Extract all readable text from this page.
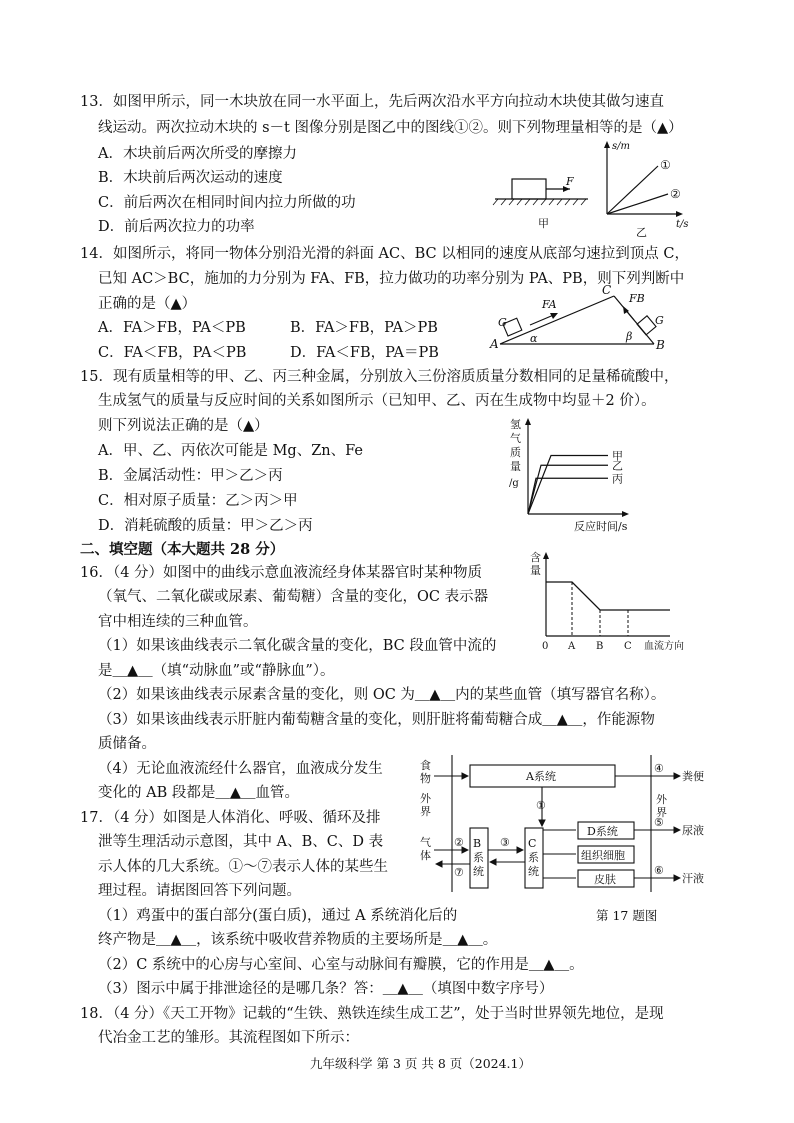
13．如图甲所示，同一木块放在同一水平面上，先后两次沿水平方向拉动木块使其做匀速直
线运动。两次拉动木块的 s－t 图像分别是图乙中的图线①②。则下列物理量相等的是（▲）
A．木块前后两次所受的摩擦力
B．木块前后两次运动的速度
C．前后两次在相同时间内拉力所做的功
D．前后两次拉力的功率
F
甲
s/m
t/s
①
②
乙
14．如图所示，将同一物体分别沿光滑的斜面 AC、BC 以相同的速度从底部匀速拉到顶点 C，
已知 AC＞BC，施加的力分别为 FA、FB，拉力做功的功率分别为 PA、PB，则下列判断中
正确的是（▲）
A．FA＞FB，PA＜PB	B．FA＞FB，PA＞PB
C．FA＜FB，PA＜PB	D．FA＜FB，PA＝PB
G
FA
α
A
C
G
FB
β
B
15．现有质量相等的甲、乙、丙三种金属，分别放入三份溶质质量分数相同的足量稀硫酸中，
生成氢气的质量与反应时间的关系如图所示（已知甲、乙、丙在生成物中均显＋2 价）。
则下列说法正确的是（▲）
A．甲、乙、丙依次可能是 Mg、Zn、Fe
B．金属活动性：甲＞乙＞丙
C．相对原子质量：乙＞丙＞甲
D．消耗硫酸的质量：甲＞乙＞丙
氢
气
质
量
/g
甲
乙
丙
反应时间/s
二、填空题（本大题共 28 分）
16．（4 分）如图中的曲线示意血液流经身体某器官时某种物质
（氧气、二氧化碳或尿素、葡萄糖）含量的变化，OC 表示器
官中相连续的三种血管。
（1）如果该曲线表示二氧化碳含量的变化，BC 段血管中流的
是＿▲＿（填“动脉血”或“静脉血”）。
（2）如果该曲线表示尿素含量的变化，则 OC 为＿▲＿内的某些血管（填写器官名称）。
（3）如果该曲线表示肝脏内葡萄糖含量的变化，则肝脏将葡萄糖合成＿▲＿，作能源物
质储备。
（4）无论血液流经什么器官，血液成分发生
变化的 AB 段都是＿▲＿血管。
含
量
0 A B C 血流方向
17．（4 分）如图是人体消化、呼吸、循环及排
泄等生理活动示意图，其中 A、B、C、D 表
示人体的几大系统。①～⑦表示人体的某些生
理过程。请据图回答下列问题。
（1）鸡蛋中的蛋白部分(蛋白质)，通过 A 系统消化后的
终产物是＿▲＿，该系统中吸收营养物质的主要场所是＿▲＿。
（2）C 系统中的心房与心室间、心室与动脉间有瓣膜，它的作用是＿▲＿。
（3）图示中属于排泄途径的是哪几条？答：＿▲＿（填图中数字序号）
食
物
外
界
气
体
A系统
④
粪便
①
B
系
统
C
系
统
②
⑦
③
D系统
组织细胞
皮肤
外
界
⑤
⑥
尿液
汗液
第 17 题图
18．（4 分）《天工开物》记载的“生铁、熟铁连续生成工艺”，处于当时世界领先地位，是现
代冶金工艺的雏形。其流程图如下所示：
九年级科学 第 3 页 共 8 页（2024.1）
